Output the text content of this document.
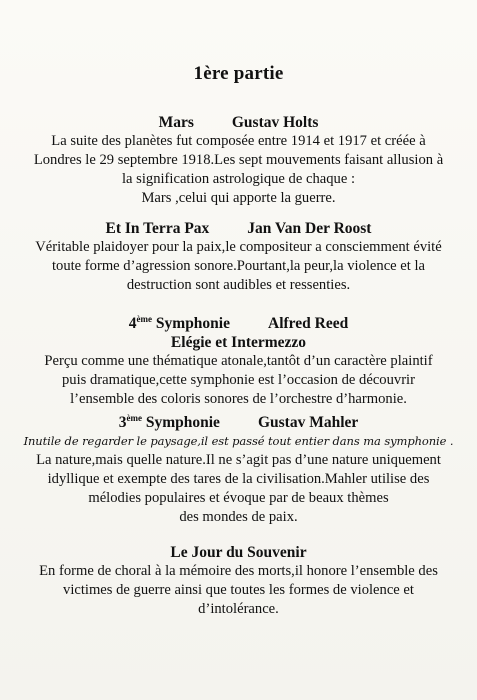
1ère partie
Mars Gustav Holts
La suite des planètes fut composée entre 1914 et 1917 et créée à
Londres le 29 septembre 1918.Les sept mouvements faisant allusion à
la signification astrologique de chaque :
Mars ,celui qui apporte la guerre.
Et In Terra Pax Jan Van Der Roost
Véritable plaidoyer pour la paix,le compositeur a consciemment évité
toute forme d’agression sonore.Pourtant,la peur,la violence et la
destruction sont audibles et ressenties.
4ème Symphonie Alfred Reed
Elégie et Intermezzo
Perçu comme une thématique atonale,tantôt d’un caractère plaintif
puis dramatique,cette symphonie est l’occasion de découvrir
l’ensemble des coloris sonores de l’orchestre d’harmonie.
3ème Symphonie Gustav Mahler
Inutile de regarder le paysage,il est passé tout entier dans ma symphonie .
La nature,mais quelle nature.Il ne s’agit pas d’une nature uniquement
idyllique et exempte des tares de la civilisation.Mahler utilise des
mélodies populaires et évoque par de beaux thèmes
des mondes de paix.
Le Jour du Souvenir
En forme de choral à la mémoire des morts,il honore l’ensemble des
victimes de guerre ainsi que toutes les formes de violence et
d’intolérance.
